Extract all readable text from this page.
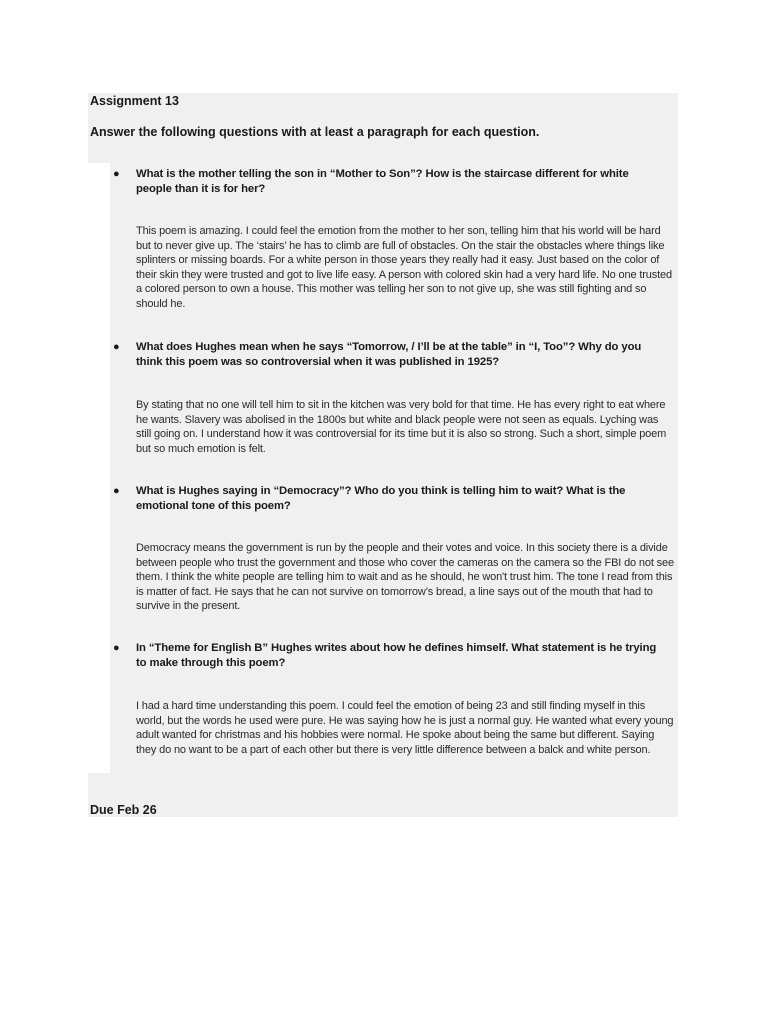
Assignment 13
Answer the following questions with at least a paragraph for each question.
● What is the mother telling the son in “Mother to Son”? How is the staircase different for white people than it is for her?
This poem is amazing. I could feel the emotion from the mother to her son, telling him that his world will be hard but to never give up. The ‘stairs’ he has to climb are full of obstacles. On the stair the obstacles where things like splinters or missing boards. For a white person in those years they really had it easy. Just based on the color of their skin they were trusted and got to live life easy. A person with colored skin had a very hard life. No one trusted a colored person to own a house. This mother was telling her son to not give up, she was still fighting and so should he.
● What does Hughes mean when he says “Tomorrow, / I’ll be at the table” in “I, Too”? Why do you think this poem was so controversial when it was published in 1925?
By stating that no one will tell him to sit in the kitchen was very bold for that time. He has every right to eat where he wants. Slavery was abolised in the 1800s but white and black people were not seen as equals. Lyching was still going on. I understand how it was controversial for its time but it is also so strong. Such a short, simple poem but so much emotion is felt.
● What is Hughes saying in “Democracy”? Who do you think is telling him to wait? What is the emotional tone of this poem?
Democracy means the government is run by the people and their votes and voice. In this society there is a divide between people who trust the government and those who cover the cameras on the camera so the FBI do not see them. I think the white people are telling him to wait and as he should, he won't trust him. The tone I read from this is matter of fact. He says that he can not survive on tomorrow’s bread, a line says out of the mouth that had to survive in the present.
● In “Theme for English B” Hughes writes about how he defines himself. What statement is he trying to make through this poem?
I had a hard time understanding this poem. I could feel the emotion of being 23 and still finding myself in this world, but the words he used were pure. He was saying how he is just a normal guy. He wanted what every young adult wanted for christmas and his hobbies were normal. He spoke about being the same but different. Saying they do no want to be a part of each other but there is very little difference between a balck and white person.
Due Feb 26
